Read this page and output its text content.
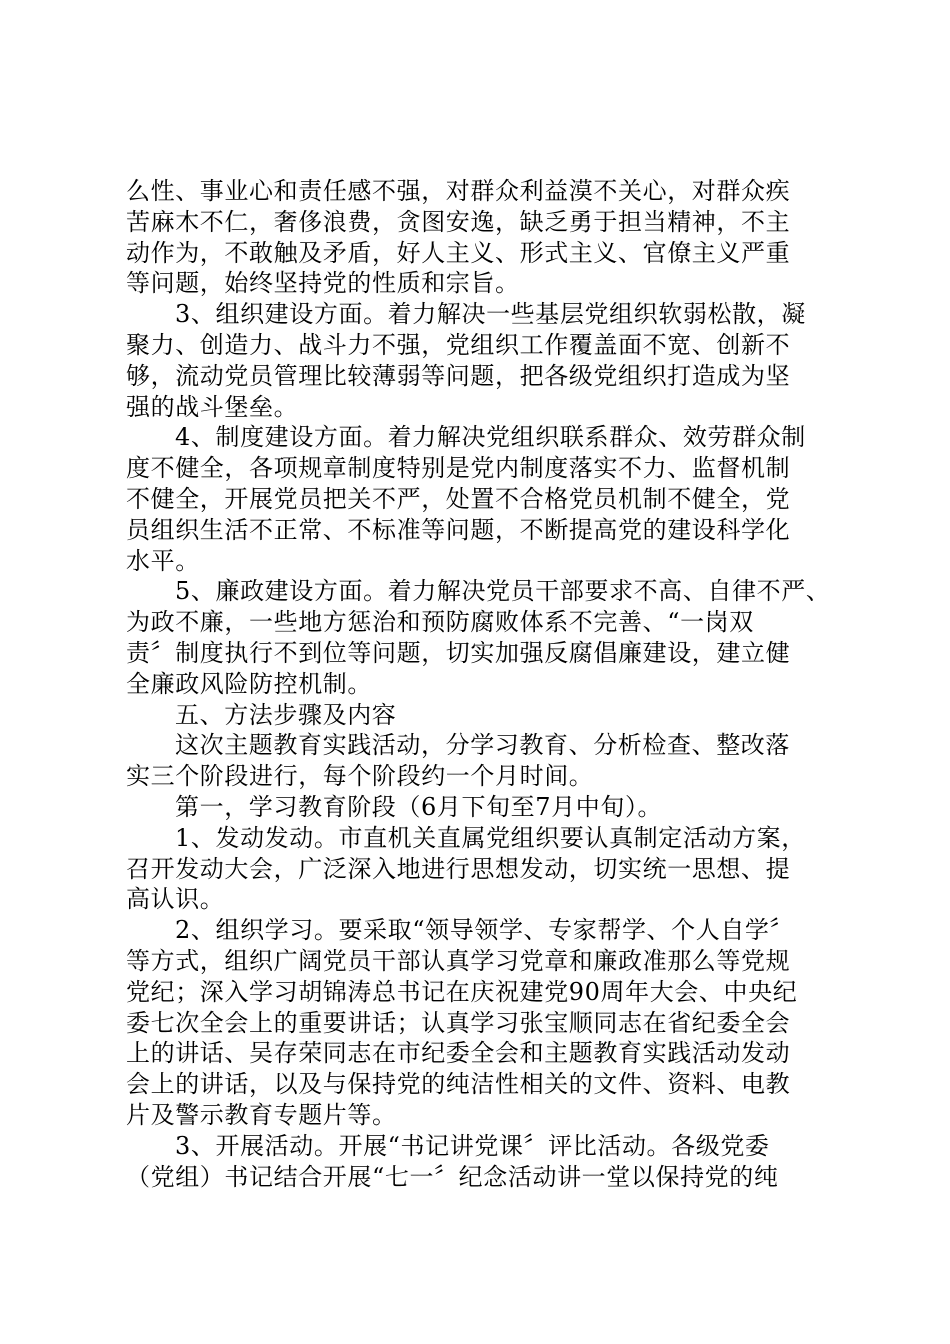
么性、事业心和责任感不强，对群众利益漠不关心，对群众疾
苦麻木不仁，奢侈浪费，贪图安逸，缺乏勇于担当精神，不主
动作为，不敢触及矛盾，好人主义、形式主义、官僚主义严重
等问题，始终坚持党的性质和宗旨。
3、组织建设方面。着力解决一些基层党组织软弱松散，凝
聚力、创造力、战斗力不强，党组织工作覆盖面不宽、创新不
够，流动党员管理比较薄弱等问题，把各级党组织打造成为坚
强的战斗堡垒。
4、制度建设方面。着力解决党组织联系群众、效劳群众制
度不健全，各项规章制度特别是党内制度落实不力、监督机制
不健全，开展党员把关不严，处置不合格党员机制不健全，党
员组织生活不正常、不标准等问题，不断提高党的建设科学化
水平。
5、廉政建设方面。着力解决党员干部要求不高、自律不严、
为政不廉，一些地方惩治和预防腐败体系不完善、“一岗双
责〞制度执行不到位等问题，切实加强反腐倡廉建设，建立健
全廉政风险防控机制。
五、方法步骤及内容
这次主题教育实践活动，分学习教育、分析检查、整改落
实三个阶段进行，每个阶段约一个月时间。
第一，学习教育阶段（6月下旬至7月中旬）。
1、发动发动。市直机关直属党组织要认真制定活动方案，
召开发动大会，广泛深入地进行思想发动，切实统一思想、提
高认识。
2、组织学习。要采取“领导领学、专家帮学、个人自学〞
等方式，组织广阔党员干部认真学习党章和廉政准那么等党规
党纪；深入学习胡锦涛总书记在庆祝建党90周年大会、中央纪
委七次全会上的重要讲话；认真学习张宝顺同志在省纪委全会
上的讲话、吴存荣同志在市纪委全会和主题教育实践活动发动
会上的讲话，以及与保持党的纯洁性相关的文件、资料、电教
片及警示教育专题片等。
3、开展活动。开展“书记讲党课〞评比活动。各级党委
（党组）书记结合开展“七一〞纪念活动讲一堂以保持党的纯
